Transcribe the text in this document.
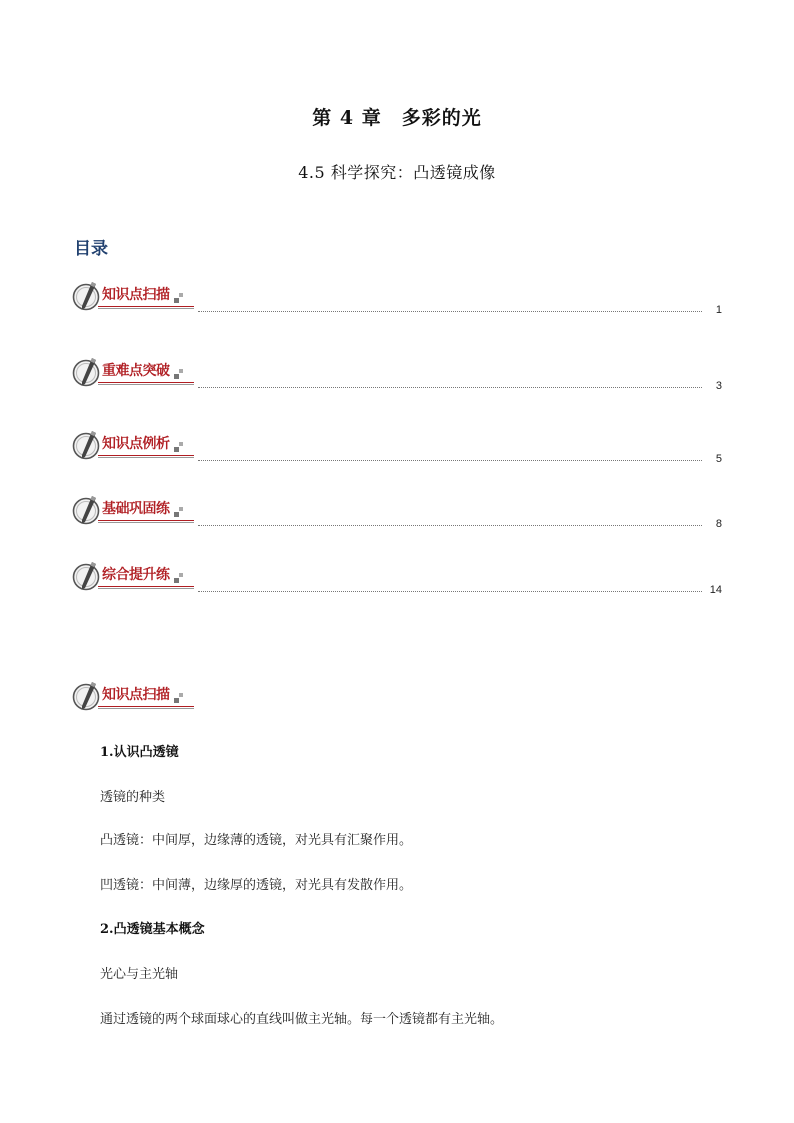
第 4 章　多彩的光
4.5 科学探究：凸透镜成像
目录
知识点扫描
1
重难点突破
3
知识点例析
5
基础巩固练
8
综合提升练
14
知识点扫描
1.认识凸透镜
透镜的种类
凸透镜：中间厚，边缘薄的透镜，对光具有汇聚作用。
凹透镜：中间薄，边缘厚的透镜，对光具有发散作用。
2.凸透镜基本概念
光心与主光轴
通过透镜的两个球面球心的直线叫做主光轴。每一个透镜都有主光轴。
